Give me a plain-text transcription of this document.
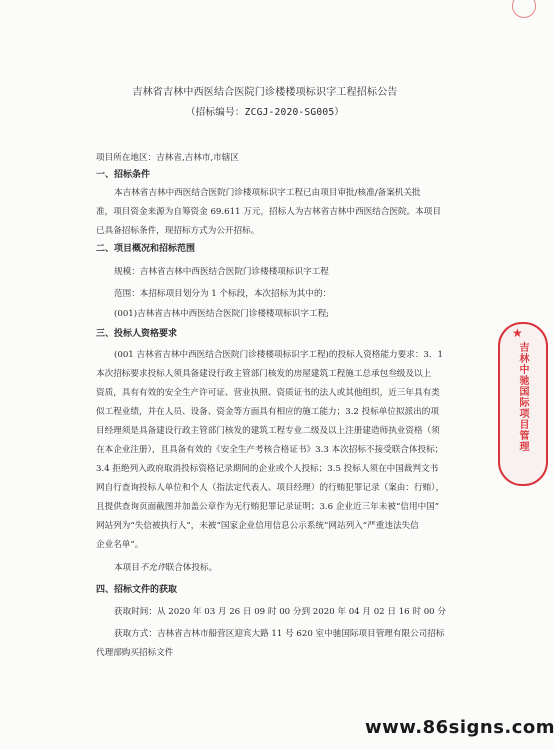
吉林省吉林中西医结合医院门诊楼楼项标识字工程招标公告
（招标编号：ZCGJ-2020-SG005）
项目所在地区：吉林省,吉林市,市辖区
一、招标条件
本吉林省吉林中西医结合医院门诊楼项标识字工程已由项目审批/核准/备案机关批
准，项目资金来源为自筹资金 69.611 万元，招标人为吉林省吉林中西医结合医院。本项目
已具备招标条件，现招标方式为公开招标。
二、项目概况和招标范围
规模：吉林省吉林中西医结合医院门诊楼楼项标识字工程
范围：本招标项目划分为 1 个标段，本次招标为其中的：
(001)吉林省吉林中西医结合医院门诊楼楼项标识字工程;
三、投标人资格要求
(001 吉林省吉林中西医结合医院门诊楼楼项标识字工程)的投标人资格能力要求：3．1
本次招标要求投标人须具备建设行政主管部门核发的房屋建筑工程施工总承包叁级及以上
资质，具有有效的安全生产许可证、营业执照、资质证书的法人或其他组织，近三年具有类
似工程业绩，并在人员、设备、资金等方面具有相应的施工能力；3.2 投标单位拟派出的项
目经理须是具备建设行政主管部门核发的建筑工程专业二级及以上注册建造师执业资格（须
在本企业注册），且具备有效的《安全生产考核合格证书》3.3 本次招标不接受联合体投标；
3.4 拒绝列入政府取消投标资格记录期间的企业或个人投标；3.5 投标人须在中国裁判文书
网自行查询投标人单位和个人（指法定代表人、项目经理）的行贿犯罪记录（案由：行贿），
且提供查询页面截图并加盖公章作为无行贿犯罪记录证明；3.6 企业近三年未被“信用中国”
网站列为“失信被执行人”，未被“国家企业信用信息公示系统”网站列入“严重违法失信
企业名单”。
本项目不允许联合体投标。
四、招标文件的获取
获取时间：从 2020 年 03 月 26 日 09 时 00 分到 2020 年 04 月 02 日 16 时 00 分
获取方式：吉林省吉林市船营区迎宾大路 11 号 620 室中驰国际项目管理有限公司招标
代理部购买招标文件
★
吉林中驰国际项目管理
www.86signs.com
